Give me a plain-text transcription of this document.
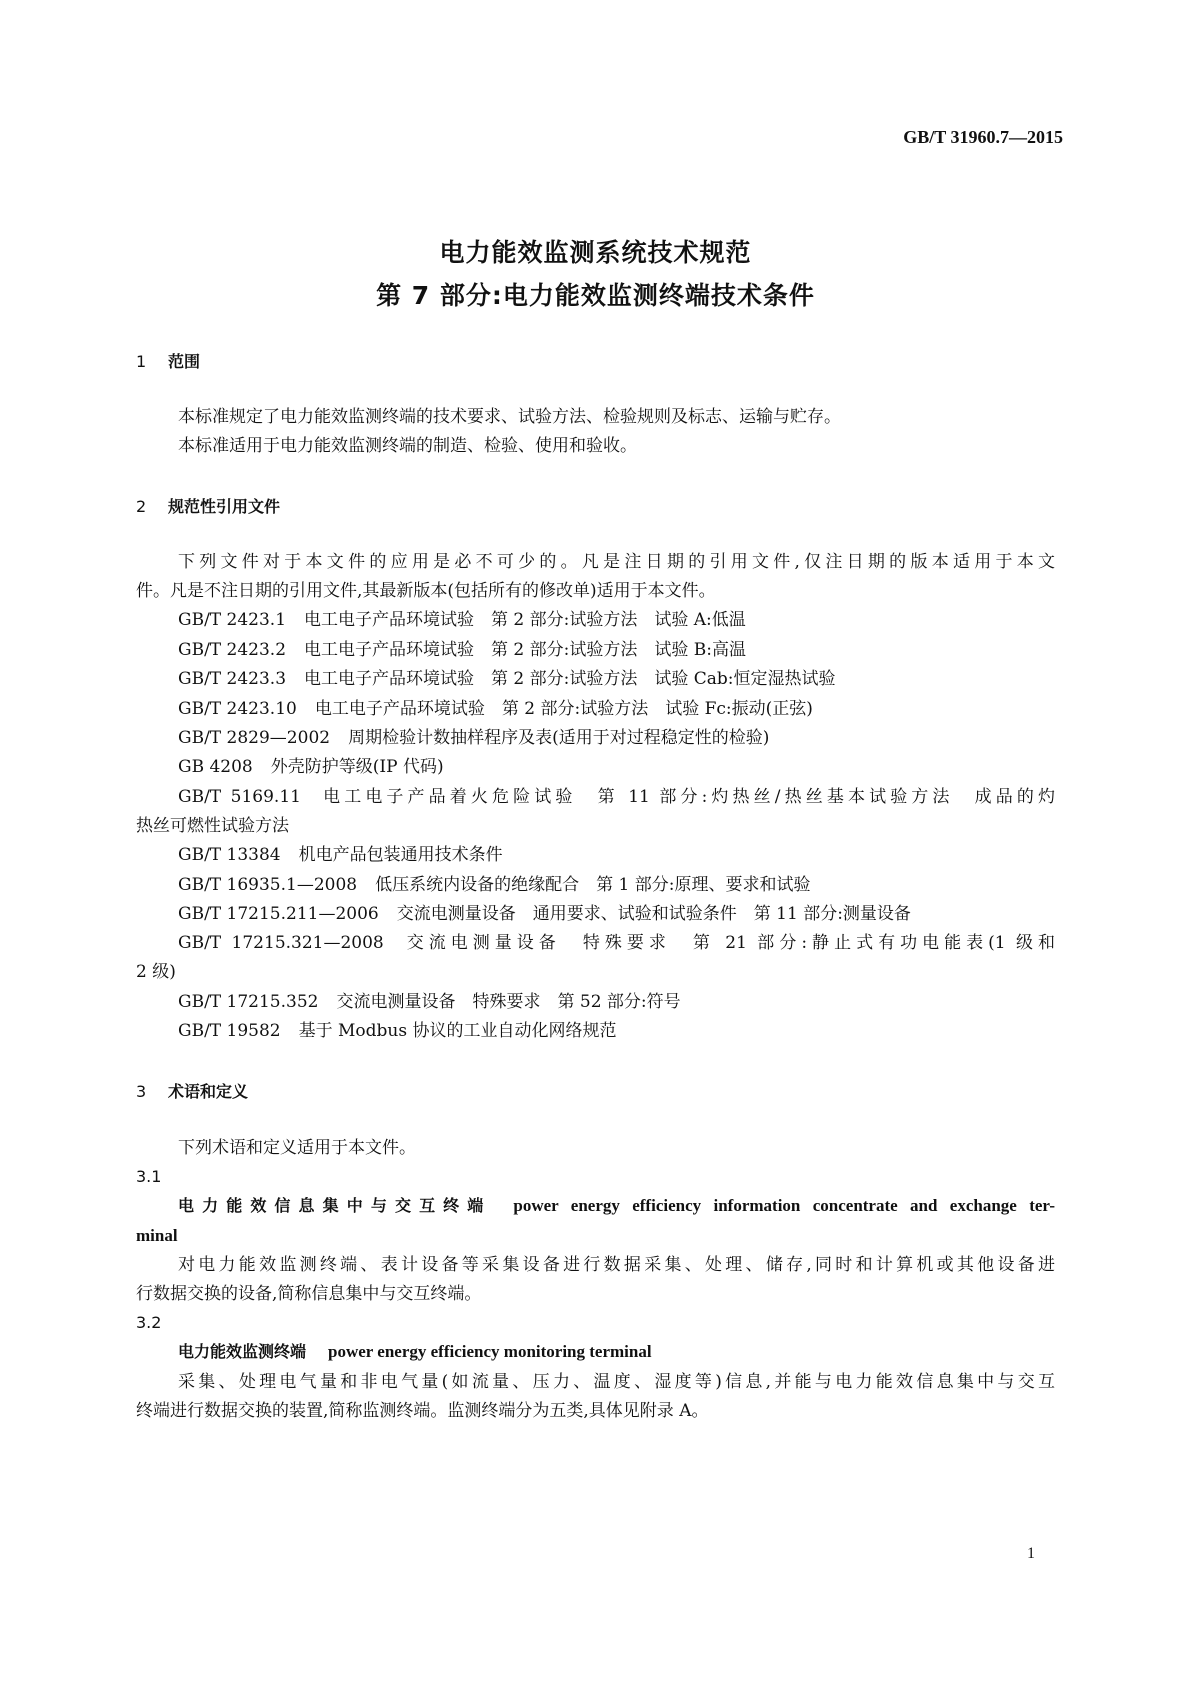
GB/T 31960.7—2015
电力能效监测系统技术规范
第 7 部分:电力能效监测终端技术条件
1 范围
本标准规定了电力能效监测终端的技术要求、试验方法、检验规则及标志、运输与贮存。
本标准适用于电力能效监测终端的制造、检验、使用和验收。
2 规范性引用文件
下列文件对于本文件的应用是必不可少的。凡是注日期的引用文件,仅注日期的版本适用于本文
件。凡是不注日期的引用文件,其最新版本(包括所有的修改单)适用于本文件。
GB/T 2423.1 电工电子产品环境试验　第 2 部分:试验方法　试验 A:低温
GB/T 2423.2 电工电子产品环境试验　第 2 部分:试验方法　试验 B:高温
GB/T 2423.3 电工电子产品环境试验　第 2 部分:试验方法　试验 Cab:恒定湿热试验
GB/T 2423.10 电工电子产品环境试验　第 2 部分:试验方法　试验 Fc:振动(正弦)
GB/T 2829—2002 周期检验计数抽样程序及表(适用于对过程稳定性的检验)
GB 4208 外壳防护等级(IP 代码)
GB/T 5169.11 电工电子产品着火危险试验　第 11 部分:灼热丝/热丝基本试验方法　成品的灼
热丝可燃性试验方法
GB/T 13384 机电产品包装通用技术条件
GB/T 16935.1—2008 低压系统内设备的绝缘配合　第 1 部分:原理、要求和试验
GB/T 17215.211—2006 交流电测量设备　通用要求、试验和试验条件　第 11 部分:测量设备
GB/T 17215.321—2008 交流电测量设备　特殊要求　第 21 部分:静止式有功电能表(1 级和
2 级)
GB/T 17215.352 交流电测量设备　特殊要求　第 52 部分:符号
GB/T 19582 基于 Modbus 协议的工业自动化网络规范
3 术语和定义
下列术语和定义适用于本文件。
3.1
电力能效信息集中与交互终端 power energy efficiency information concentrate and exchange ter-
minal
对电力能效监测终端、表计设备等采集设备进行数据采集、处理、储存,同时和计算机或其他设备进
行数据交换的设备,简称信息集中与交互终端。
3.2
电力能效监测终端 power energy efficiency monitoring terminal
采集、处理电气量和非电气量(如流量、压力、温度、湿度等)信息,并能与电力能效信息集中与交互
终端进行数据交换的装置,简称监测终端。监测终端分为五类,具体见附录 A。
1
